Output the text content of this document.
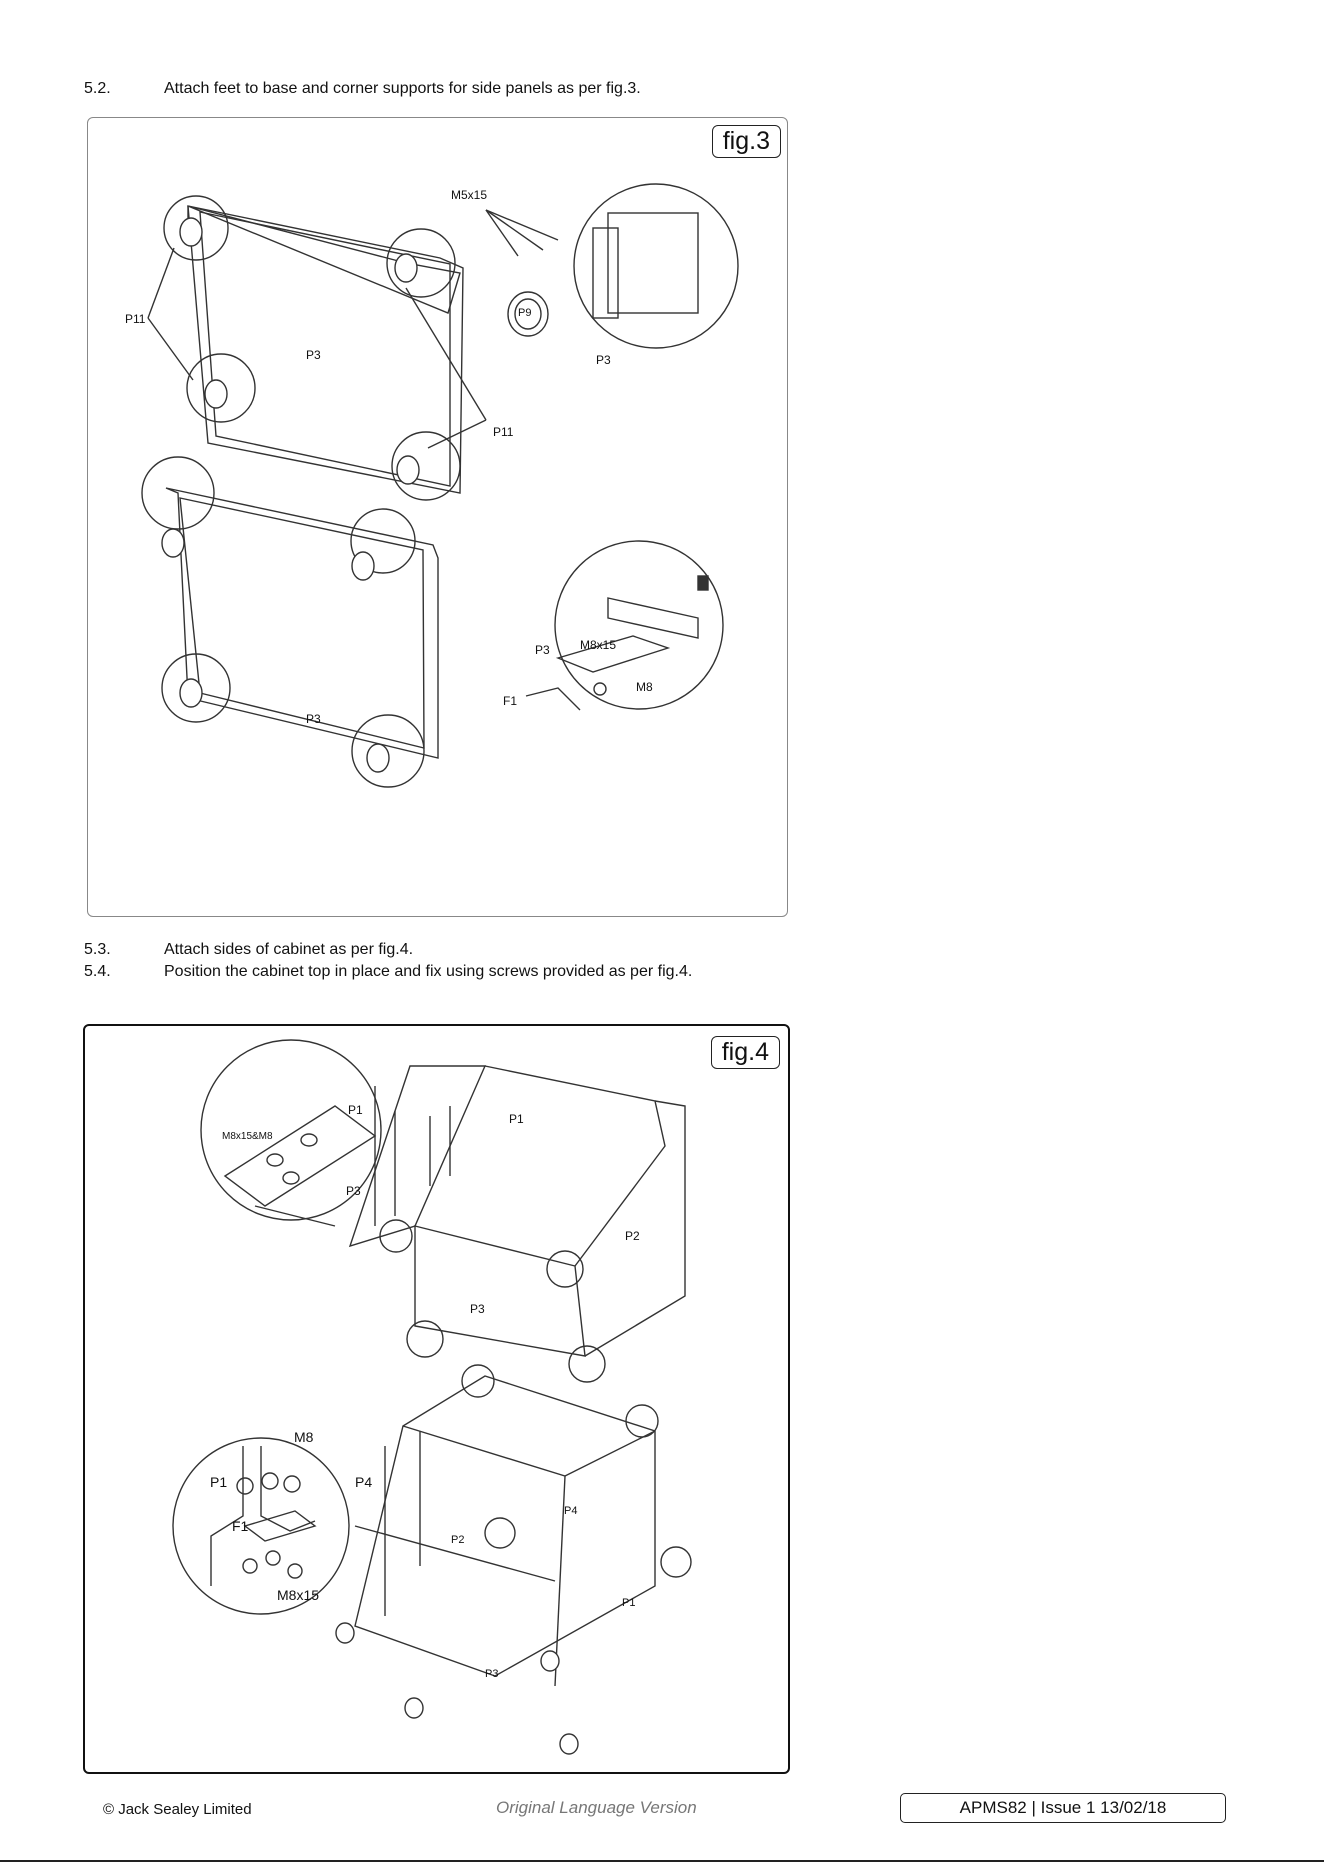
5.2.	Attach feet to base and corner supports for side panels as per fig.3.
fig.3
M5x15
P11
P3
P9
P3
P11
P3
P3	M8x15
M8
F1
5.3.	Attach sides of cabinet as per fig.4.
5.4.	Position the cabinet top in place and fix using screws provided as per fig.4.
fig.4
M8x15&M8
P1
P3
P1
P2
P3
M8
P1	P4
F1
M8x15
P4
P2
P1
P3
© Jack Sealey Limited	Original Language Version	APMS82 | Issue 1 13/02/18
